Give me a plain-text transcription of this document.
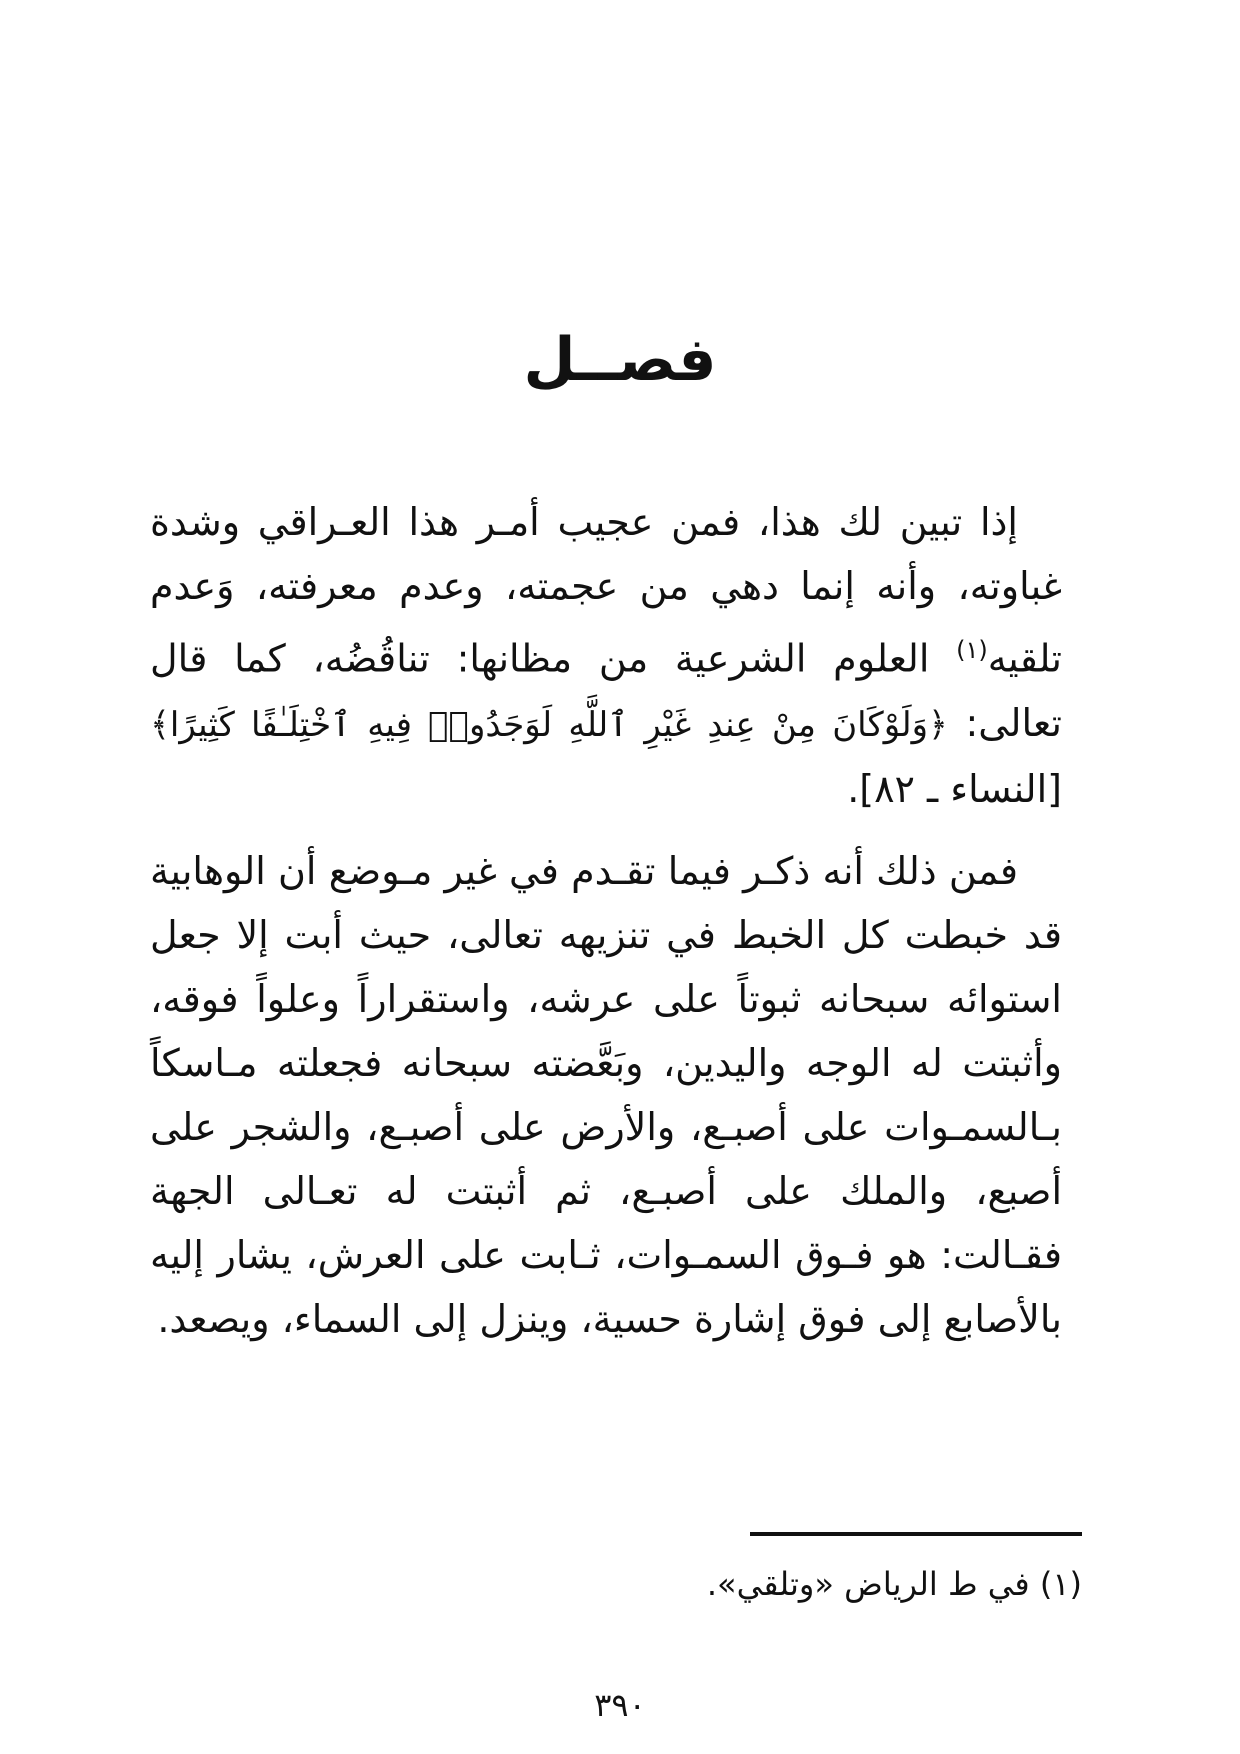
فصــل

إذا تبين لك هذا، فمن عجيب أمـر هذا العـراقي وشدة غباوته، وأنه إنما دهي من عجمته، وعدم معرفته، وَعدم تلقيه$^{(١)}$ العلوم الشرعية من مظانها: تناقُضُه، كما قال تعالى: ﴿وَلَوْكَانَ مِنْ عِندِ غَيْرِ ٱللَّهِ لَوَجَدُوا۟ فِيهِ ٱخْتِلَـٰفًا كَثِيرًا﴾ [النساء ـ ٨٢].

فمن ذلك أنه ذكـر فيما تقـدم في غير مـوضع أن الوهابية قد خبطت كل الخبط في تنزيهه تعالى، حيث أبت إلا جعل استوائه سبحانه ثبوتاً على عرشه، واستقراراً وعلواً فوقه، وأثبتت له الوجه واليدين، وبَعَّضته سبحانه فجعلته مـاسكاً بـالسمـوات على أصبـع، والأرض على أصبـع، والشجر على أصبع، والملك على أصبـع، ثم أثبتت له تعـالى الجهة فقـالت: هو فـوق السمـوات، ثـابت على العرش، يشار إليه بالأصابع إلى فوق إشارة حسية، وينزل إلى السماء، ويصعد.

(١) في ط الرياض «وتلقي».
٣٩٠
